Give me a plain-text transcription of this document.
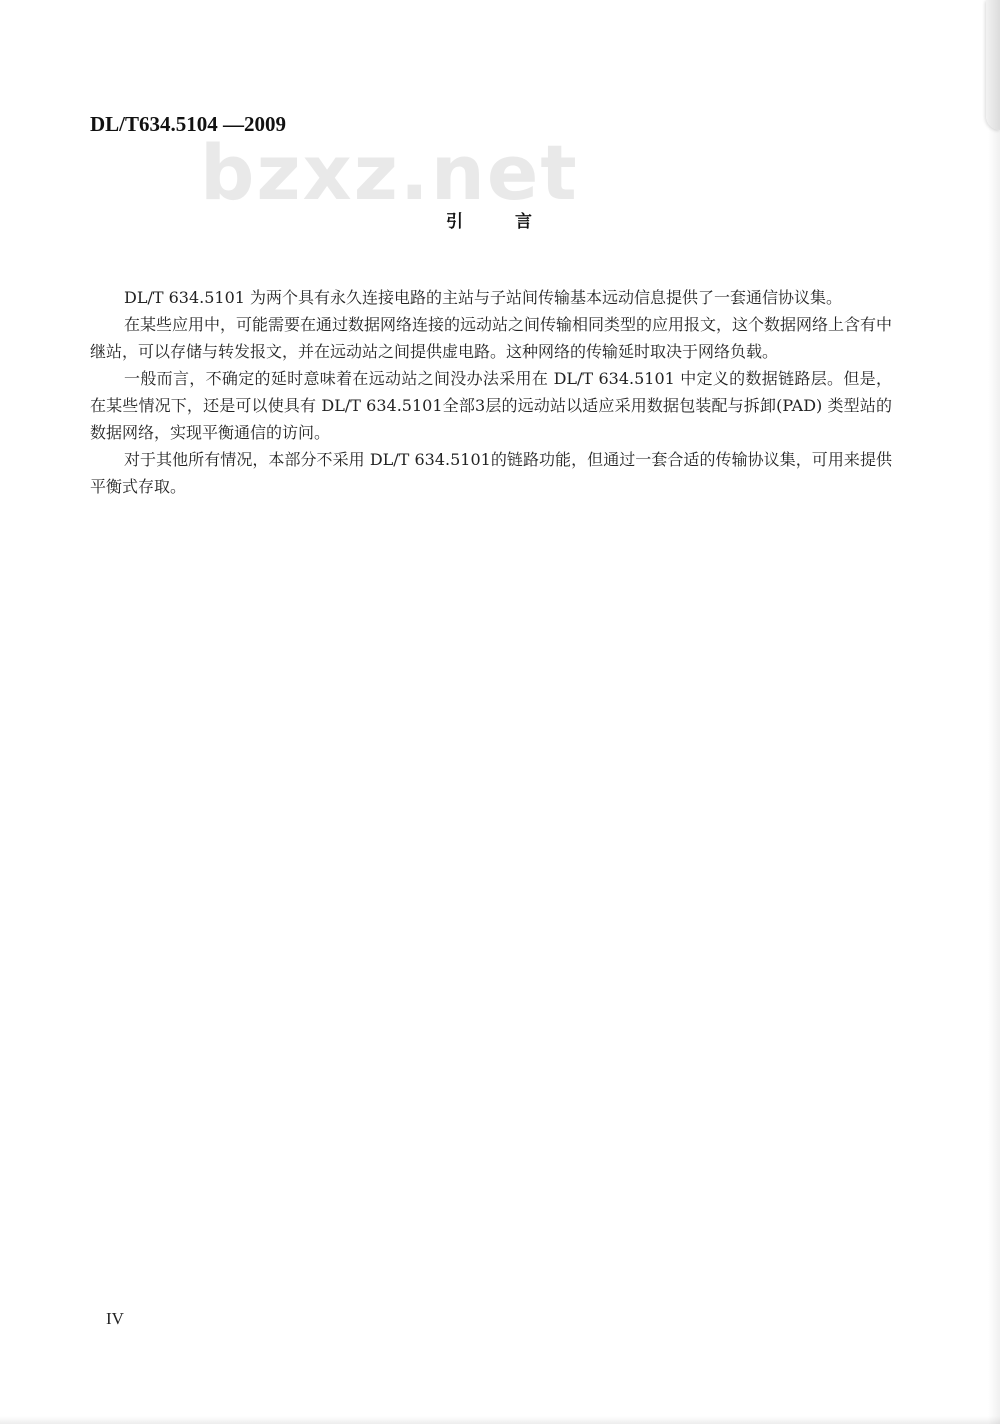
bzxz.net
DL/T634.5104 —2009
引言

DL/T 634.5101 为两个具有永久连接电路的主站与子站间传输基本远动信息提供了一套通信协议集。

在某些应用中，可能需要在通过数据网络连接的远动站之间传输相同类型的应用报文，这个数据网络上含有中继站，可以存储与转发报文，并在远动站之间提供虚电路。这种网络的传输延时取决于网络负载。

一般而言，不确定的延时意味着在远动站之间没办法采用在 DL/T 634.5101 中定义的数据链路层。但是，在某些情况下，还是可以使具有 DL/T 634.5101全部3层的远动站以适应采用数据包装配与拆卸(PAD) 类型站的数据网络，实现平衡通信的访问。

对于其他所有情况，本部分不采用 DL/T 634.5101的链路功能，但通过一套合适的传输协议集，可用来提供平衡式存取。

IV
